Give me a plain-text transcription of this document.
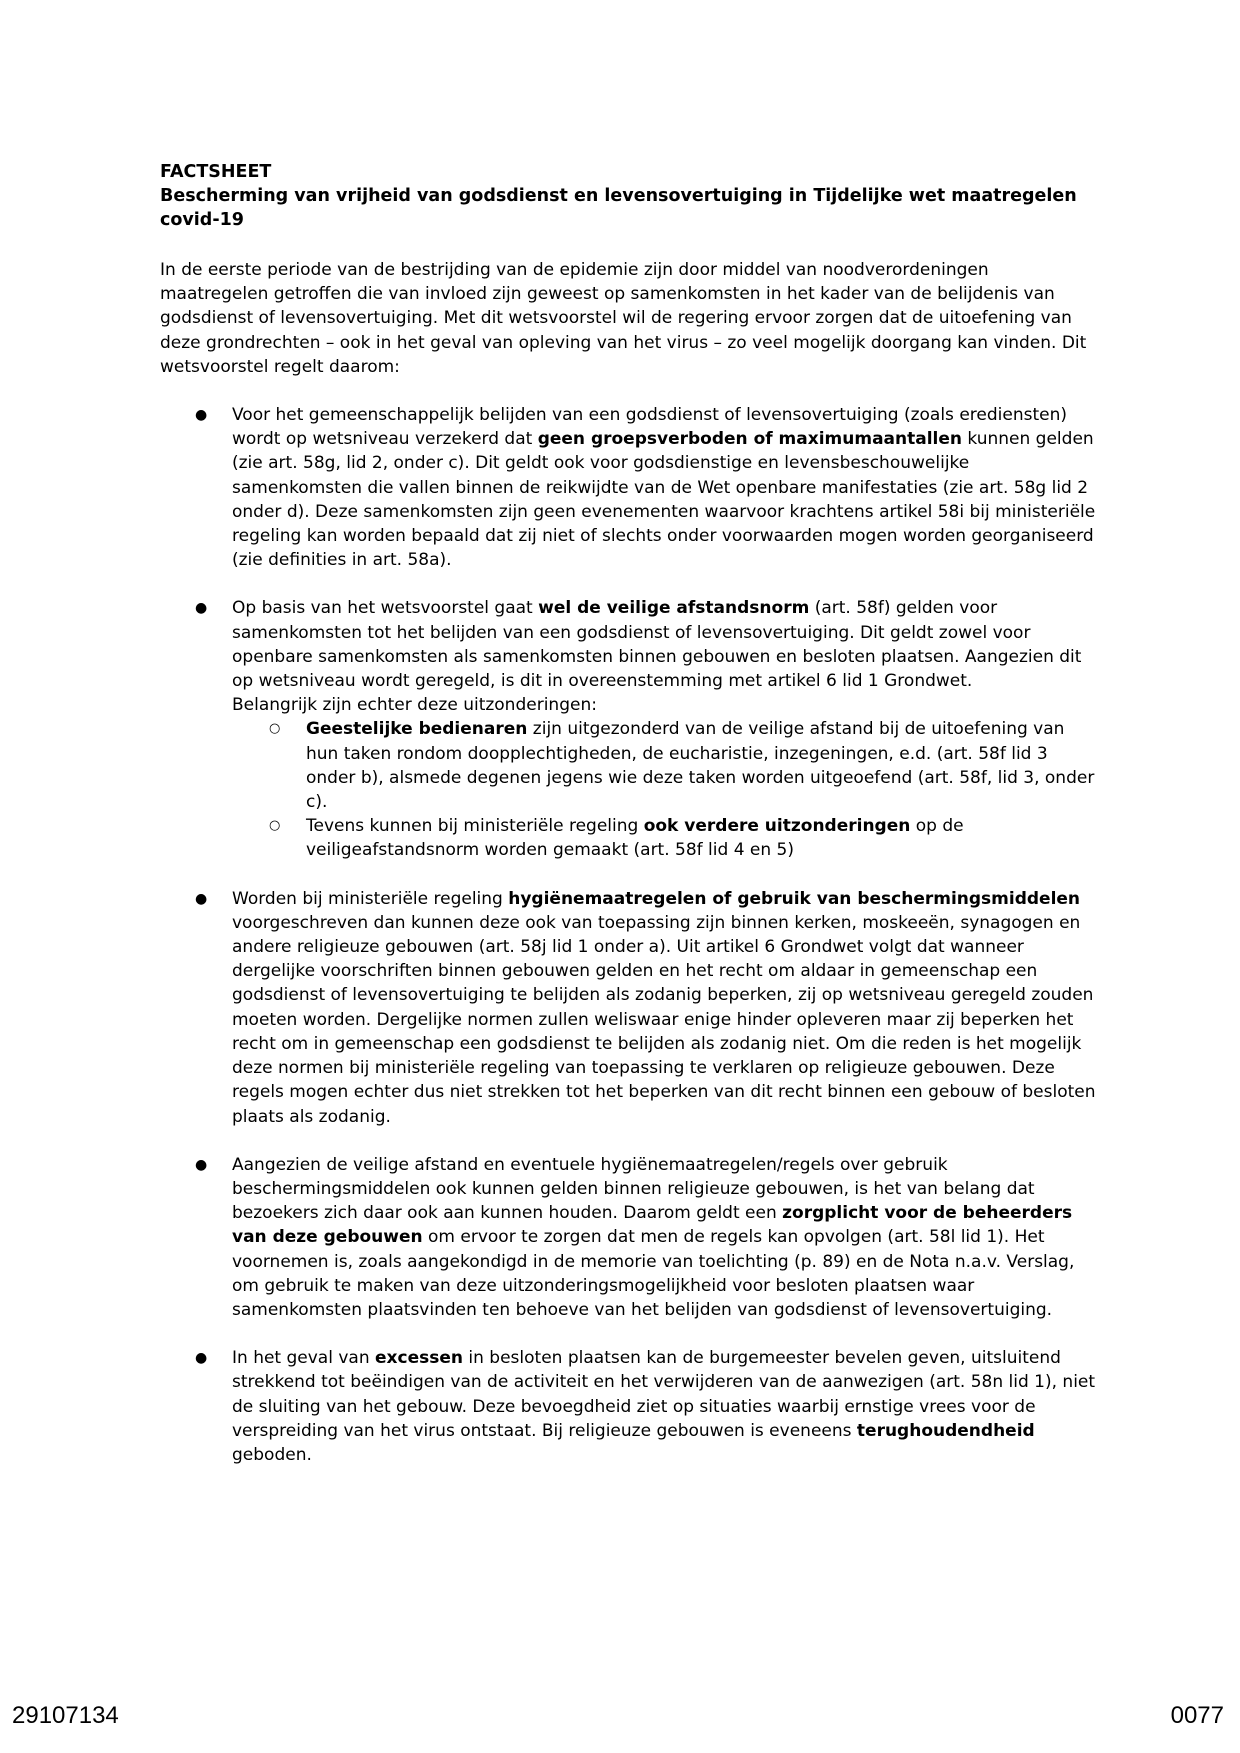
FACTSHEET

Bescherming van vrijheid van godsdienst en levensovertuiging in Tijdelijke wet maatregelen covid-19

In de eerste periode van de bestrijding van de epidemie zijn door middel van noodverordeningen maatregelen getroffen die van invloed zijn geweest op samenkomsten in het kader van de belijdenis van godsdienst of levensovertuiging. Met dit wetsvoorstel wil de regering ervoor zorgen dat de uitoefening van deze grondrechten – ook in het geval van opleving van het virus – zo veel mogelijk doorgang kan vinden. Dit wetsvoorstel regelt daarom:

● Voor het gemeenschappelijk belijden van een godsdienst of levensovertuiging (zoals erediensten) wordt op wetsniveau verzekerd dat geen groepsverboden of maximumaantallen kunnen gelden (zie art. 58g, lid 2, onder c). Dit geldt ook voor godsdienstige en levensbeschouwelijke samenkomsten die vallen binnen de reikwijdte van de Wet openbare manifestaties (zie art. 58g lid 2 onder d). Deze samenkomsten zijn geen evenementen waarvoor krachtens artikel 58i bij ministeriële regeling kan worden bepaald dat zij niet of slechts onder voorwaarden mogen worden georganiseerd (zie definities in art. 58a).

● Op basis van het wetsvoorstel gaat wel de veilige afstandsnorm (art. 58f) gelden voor samenkomsten tot het belijden van een godsdienst of levensovertuiging. Dit geldt zowel voor openbare samenkomsten als samenkomsten binnen gebouwen en besloten plaatsen. Aangezien dit op wetsniveau wordt geregeld, is dit in overeenstemming met artikel 6 lid 1 Grondwet.

Belangrijk zijn echter deze uitzonderingen:

○ Geestelijke bedienaren zijn uitgezonderd van de veilige afstand bij de uitoefening van hun taken rondom doopplechtigheden, de eucharistie, inzegeningen, e.d. (art. 58f lid 3 onder b), alsmede degenen jegens wie deze taken worden uitgeoefend (art. 58f, lid 3, onder c).
○ Tevens kunnen bij ministeriële regeling ook verdere uitzonderingen op de veiligeafstandsnorm worden gemaakt (art. 58f lid 4 en 5)
● Worden bij ministeriële regeling hygiënemaatregelen of gebruik van beschermingsmiddelen voorgeschreven dan kunnen deze ook van toepassing zijn binnen kerken, moskeeën, synagogen en andere religieuze gebouwen (art. 58j lid 1 onder a). Uit artikel 6 Grondwet volgt dat wanneer dergelijke voorschriften binnen gebouwen gelden en het recht om aldaar in gemeenschap een godsdienst of levensovertuiging te belijden als zodanig beperken, zij op wetsniveau geregeld zouden moeten worden. Dergelijke normen zullen weliswaar enige hinder opleveren maar zij beperken het recht om in gemeenschap een godsdienst te belijden als zodanig niet. Om die reden is het mogelijk deze normen bij ministeriële regeling van toepassing te verklaren op religieuze gebouwen. Deze regels mogen echter dus niet strekken tot het beperken van dit recht binnen een gebouw of besloten plaats als zodanig.

● Aangezien de veilige afstand en eventuele hygiënemaatregelen/regels over gebruik beschermingsmiddelen ook kunnen gelden binnen religieuze gebouwen, is het van belang dat bezoekers zich daar ook aan kunnen houden. Daarom geldt een zorgplicht voor de beheerders van deze gebouwen om ervoor te zorgen dat men de regels kan opvolgen (art. 58l lid 1). Het voornemen is, zoals aangekondigd in de memorie van toelichting (p. 89) en de Nota n.a.v. Verslag, om gebruik te maken van deze uitzonderingsmogelijkheid voor besloten plaatsen waar samenkomsten plaatsvinden ten behoeve van het belijden van godsdienst of levensovertuiging.

● In het geval van excessen in besloten plaatsen kan de burgemeester bevelen geven, uitsluitend strekkend tot beëindigen van de activiteit en het verwijderen van de aanwezigen (art. 58n lid 1), niet de sluiting van het gebouw. Deze bevoegdheid ziet op situaties waarbij ernstige vrees voor de verspreiding van het virus ontstaat. Bij religieuze gebouwen is eveneens terughoudendheid geboden.

29107134	0077
